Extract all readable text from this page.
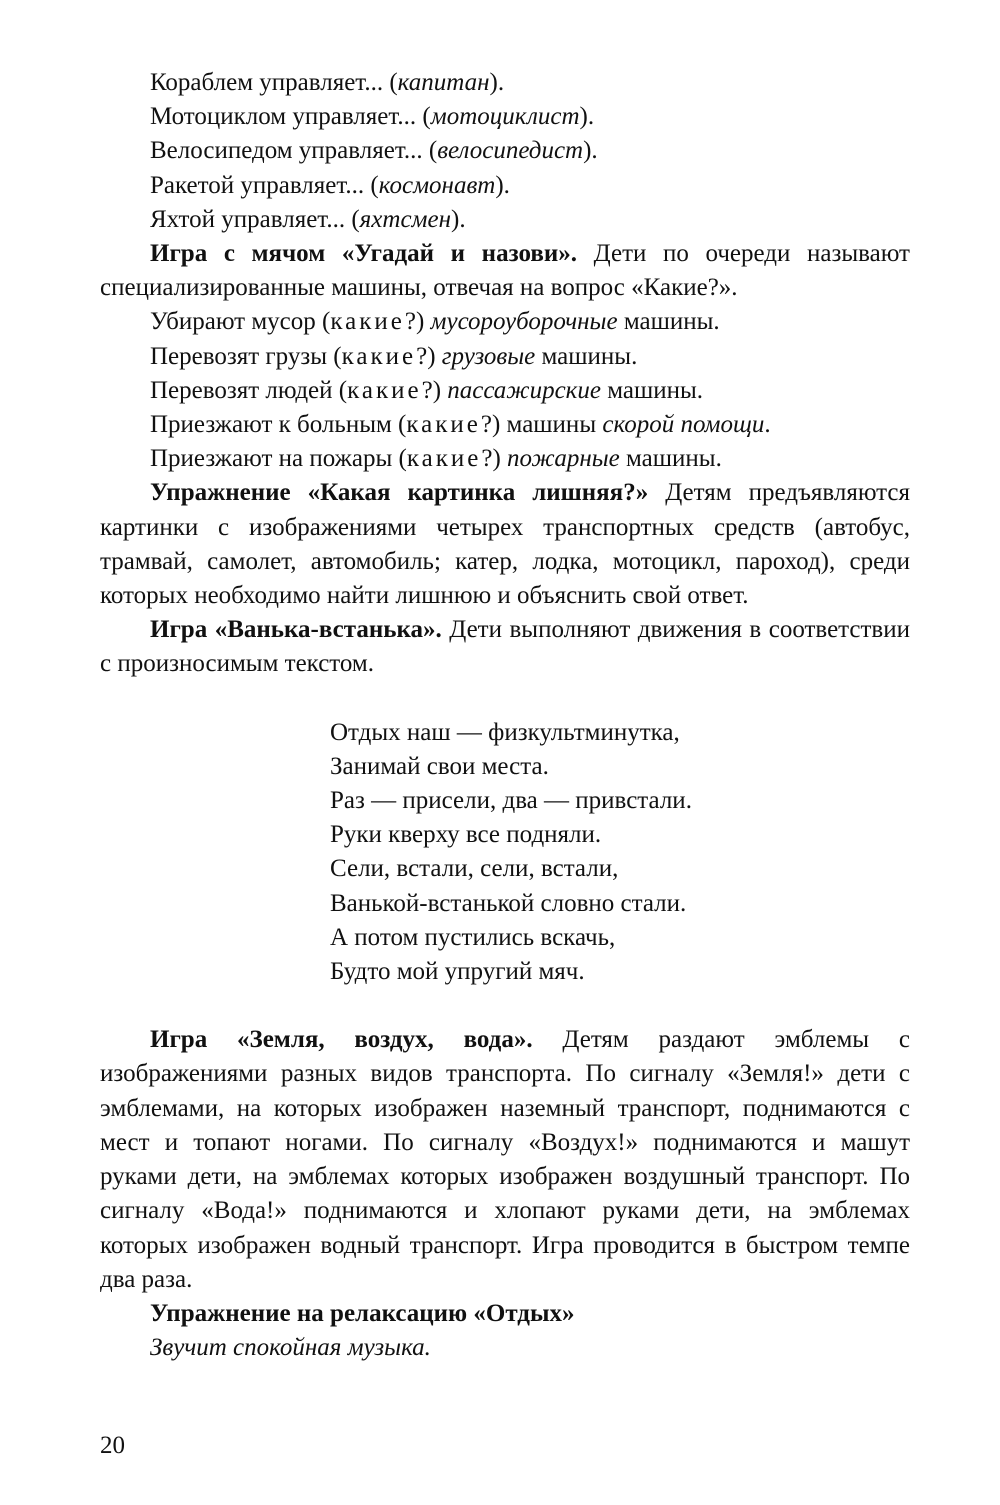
Кораблем управляет... (капитан).
Мотоциклом управляет... (мотоциклист).
Велосипедом управляет... (велосипедист).
Ракетой управляет... (космонавт).
Яхтой управляет... (яхтсмен).
Игра с мячом «Угадай и назови». Дети по очереди называют специализированные машины, отвечая на вопрос «Какие?».
Убирают мусор (какие?) мусороуборочные машины.
Перевозят грузы (какие?) грузовые машины.
Перевозят людей (какие?) пассажирские машины.
Приезжают к больным (какие?) машины скорой помощи.
Приезжают на пожары (какие?) пожарные машины.
Упражнение «Какая картинка лишняя?» Детям предъявляются картинки с изображениями четырех транспортных средств (автобус, трамвай, самолет, автомобиль; катер, лодка, мотоцикл, пароход), среди которых необходимо найти лишнюю и объяснить свой ответ.
Игра «Ванька-встанька». Дети выполняют движения в соответствии с произносимым текстом.
Отдых наш — физкультминутка,
Занимай свои места.
Раз — присели, два — привстали.
Руки кверху все подняли.
Сели, встали, сели, встали,
Ванькой-встанькой словно стали.
А потом пустились вскачь,
Будто мой упругий мяч.
Игра «Земля, воздух, вода». Детям раздают эмблемы с изображениями разных видов транспорта. По сигналу «Земля!» дети с эмблемами, на которых изображен наземный транспорт, поднимаются с мест и топают ногами. По сигналу «Воздух!» поднимаются и машут руками дети, на эмблемах которых изображен воздушный транспорт. По сигналу «Вода!» поднимаются и хлопают руками дети, на эмблемах которых изображен водный транспорт. Игра проводится в быстром темпе два раза.
Упражнение на релаксацию «Отдых»
Звучит спокойная музыка.
20
